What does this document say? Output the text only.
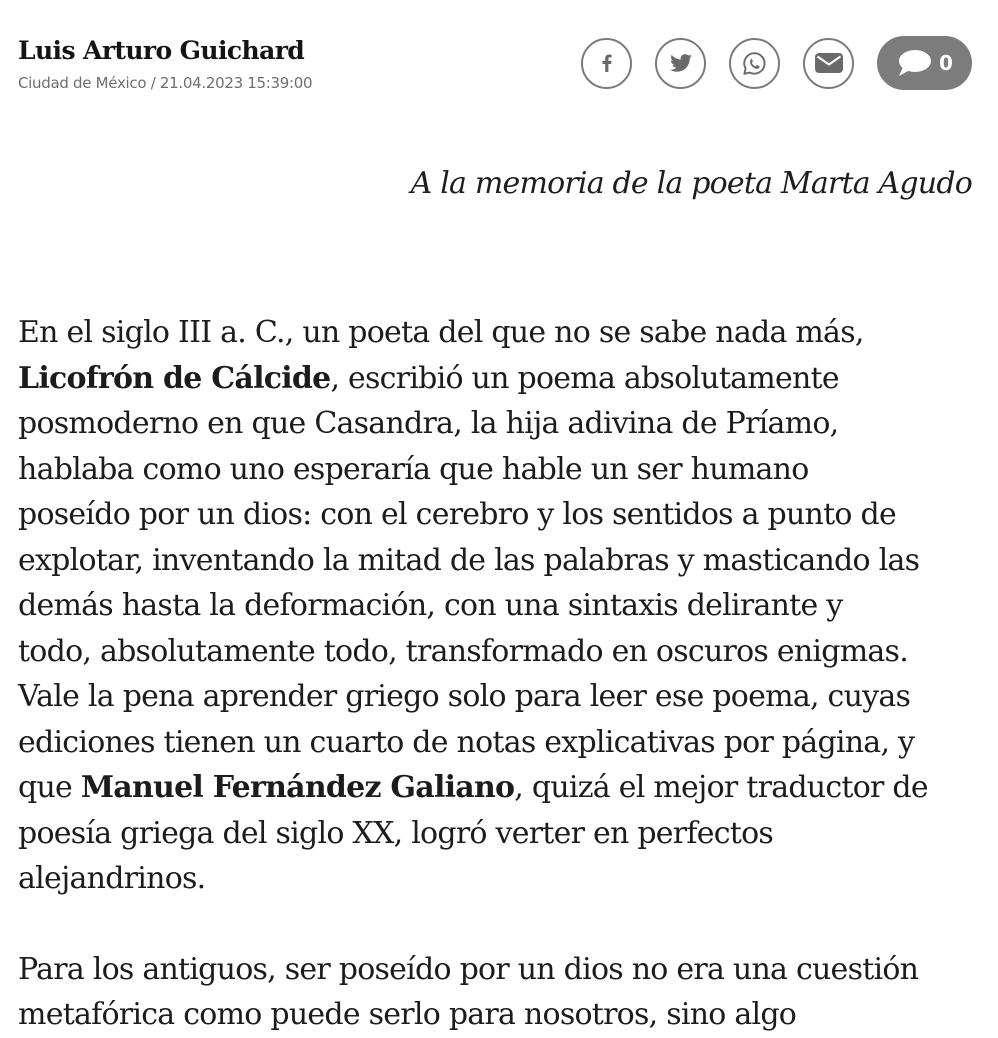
Luis Arturo Guichard
Ciudad de México / 21.04.2023 15:39:00
0
A la memoria de la poeta Marta Agudo

En el siglo III a. C., un poeta del que no se sabe nada más,
Licofrón de Cálcide, escribió un poema absolutamente
posmoderno en que Casandra, la hija adivina de Príamo,
hablaba como uno esperaría que hable un ser humano
poseído por un dios: con el cerebro y los sentidos a punto de
explotar, inventando la mitad de las palabras y masticando las
demás hasta la deformación, con una sintaxis delirante y
todo, absolutamente todo, transformado en oscuros enigmas.
Vale la pena aprender griego solo para leer ese poema, cuyas
ediciones tienen un cuarto de notas explicativas por página, y
que Manuel Fernández Galiano, quizá el mejor traductor de
poesía griega del siglo XX, logró verter en perfectos
alejandrinos.

Para los antiguos, ser poseído por un dios no era una cuestión
metafórica como puede serlo para nosotros, sino algo
